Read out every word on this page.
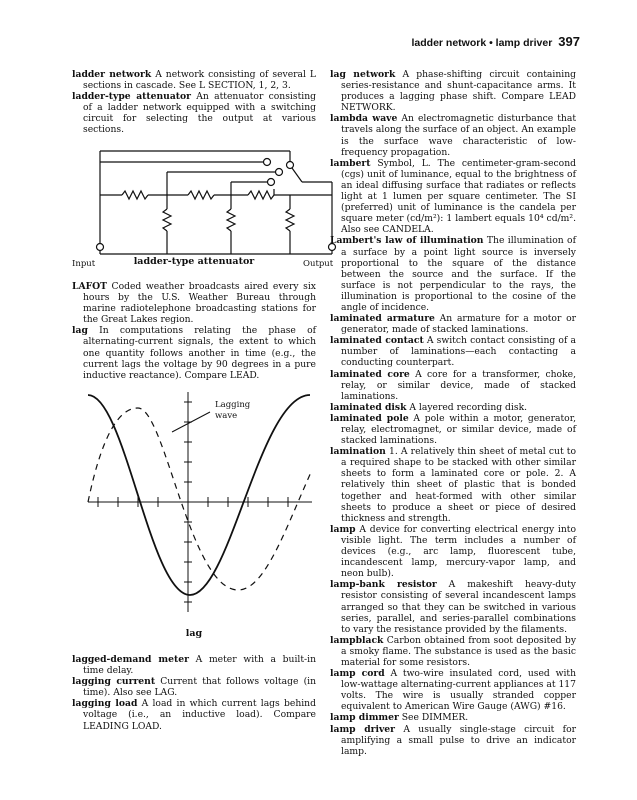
ladder network • lamp driver 397

ladder network A network consisting of several L sections in cascade. See L SECTION, 1, 2, 3.

ladder-type attenuator An attenuator consisting of a ladder network equipped with a switching circuit for selecting the output at various sections.

Input	Output
ladder-type attenuator

LAFOT Coded weather broadcasts aired every six hours by the U.S. Weather Bureau through marine radiotelephone broadcasting stations for the Great Lakes region.

lag In computations relating the phase of alternating-current signals, the extent to which one quantity follows another in time (e.g., the current lags the voltage by 90 degrees in a pure inductive reactance). Compare LEAD.

Lagging
wave
lag

lagged-demand meter A meter with a built-in time delay.

lagging current Current that follows voltage (in time). Also see LAG.

lagging load A load in which current lags behind voltage (i.e., an inductive load). Compare LEADING LOAD.

lag network A phase-shifting circuit containing series-resistance and shunt-capacitance arms. It produces a lagging phase shift. Compare LEAD NETWORK.

lambda wave An electromagnetic disturbance that travels along the surface of an object. An example is the surface wave characteristic of low-frequency propagation.

lambert Symbol, L. The centimeter-gram-second (cgs) unit of luminance, equal to the brightness of an ideal diffusing surface that radiates or reflects light at 1 lumen per square centimeter. The SI (preferred) unit of luminance is the candela per square meter (cd/m²): 1 lambert equals 10⁴ cd/m². Also see CANDELA.

Lambert's law of illumination The illumination of a surface by a point light source is inversely proportional to the square of the distance between the source and the surface. If the surface is not perpendicular to the rays, the illumination is proportional to the cosine of the angle of incidence.

laminated armature An armature for a motor or generator, made of stacked laminations.

laminated contact A switch contact consisting of a number of laminations—each contacting a conducting counterpart.

laminated core A core for a transformer, choke, relay, or similar device, made of stacked laminations.

laminated disk A layered recording disk.

laminated pole A pole within a motor, generator, relay, electromagnet, or similar device, made of stacked laminations.

lamination 1. A relatively thin sheet of metal cut to a required shape to be stacked with other similar sheets to form a laminated core or pole. 2. A relatively thin sheet of plastic that is bonded together and heat-formed with other similar sheets to produce a sheet or piece of desired thickness and strength.

lamp A device for converting electrical energy into visible light. The term includes a number of devices (e.g., arc lamp, fluorescent tube, incandescent lamp, mercury-vapor lamp, and neon bulb).

lamp-bank resistor A makeshift heavy-duty resistor consisting of several incandescent lamps arranged so that they can be switched in various series, parallel, and series-parallel combinations to vary the resistance provided by the filaments.

lampblack Carbon obtained from soot deposited by a smoky flame. The substance is used as the basic material for some resistors.

lamp cord A two-wire insulated cord, used with low-wattage alternating-current appliances at 117 volts. The wire is usually stranded copper equivalent to American Wire Gauge (AWG) #16.

lamp dimmer See DIMMER.

lamp driver A usually single-stage circuit for amplifying a small pulse to drive an indicator lamp.
